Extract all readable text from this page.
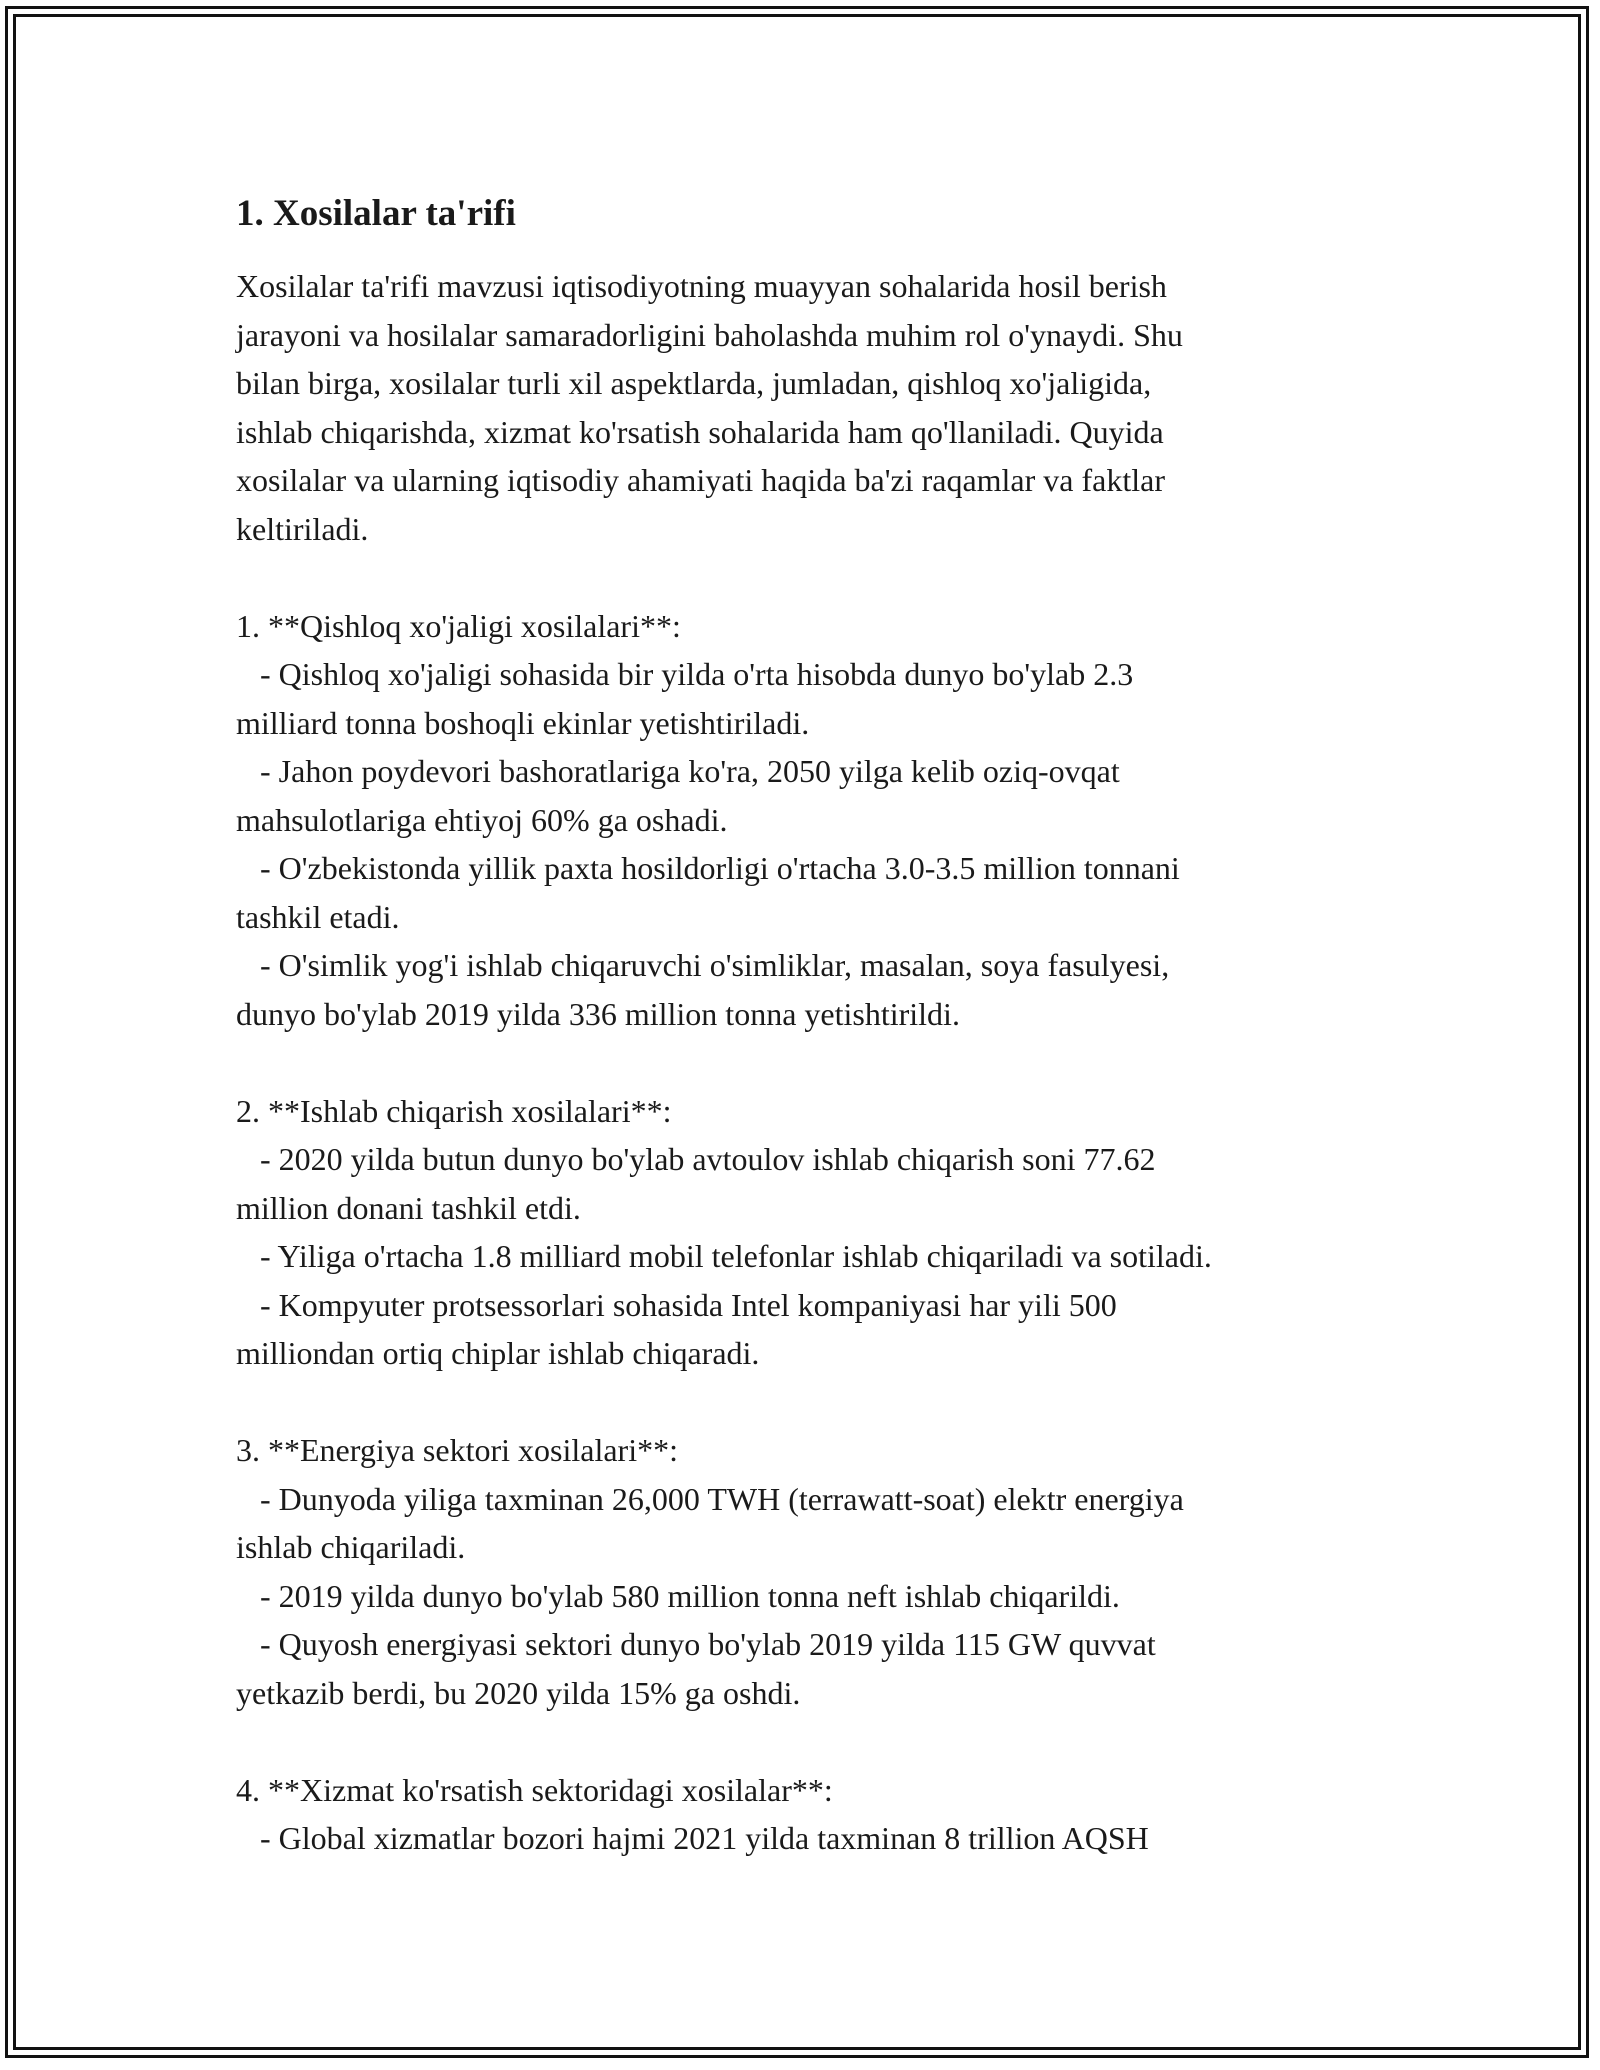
1. Xosilalar ta'rifi

Xosilalar ta'rifi mavzusi iqtisodiyotning muayyan sohalarida hosil berish

jarayoni va hosilalar samaradorligini baholashda muhim rol o'ynaydi. Shu

bilan birga, xosilalar turli xil aspektlarda, jumladan, qishloq xo'jaligida,

ishlab chiqarishda, xizmat ko'rsatish sohalarida ham qo'llaniladi. Quyida

xosilalar va ularning iqtisodiy ahamiyati haqida ba'zi raqamlar va faktlar

keltiriladi.

1. **Qishloq xo'jaligi xosilalari**:

- Qishloq xo'jaligi sohasida bir yilda o'rta hisobda dunyo bo'ylab 2.3

milliard tonna boshoqli ekinlar yetishtiriladi.

- Jahon poydevori bashoratlariga ko'ra, 2050 yilga kelib oziq-ovqat

mahsulotlariga ehtiyoj 60% ga oshadi.

- O'zbekistonda yillik paxta hosildorligi o'rtacha 3.0-3.5 million tonnani

tashkil etadi.

- O'simlik yog'i ishlab chiqaruvchi o'simliklar, masalan, soya fasulyesi,

dunyo bo'ylab 2019 yilda 336 million tonna yetishtirildi.

2. **Ishlab chiqarish xosilalari**:

- 2020 yilda butun dunyo bo'ylab avtoulov ishlab chiqarish soni 77.62

million donani tashkil etdi.

- Yiliga o'rtacha 1.8 milliard mobil telefonlar ishlab chiqariladi va sotiladi.

- Kompyuter protsessorlari sohasida Intel kompaniyasi har yili 500

milliondan ortiq chiplar ishlab chiqaradi.

3. **Energiya sektori xosilalari**:

- Dunyoda yiliga taxminan 26,000 TWH (terrawatt-soat) elektr energiya

ishlab chiqariladi.

- 2019 yilda dunyo bo'ylab 580 million tonna neft ishlab chiqarildi.

- Quyosh energiyasi sektori dunyo bo'ylab 2019 yilda 115 GW quvvat

yetkazib berdi, bu 2020 yilda 15% ga oshdi.

4. **Xizmat ko'rsatish sektoridagi xosilalar**:

- Global xizmatlar bozori hajmi 2021 yilda taxminan 8 trillion AQSH
